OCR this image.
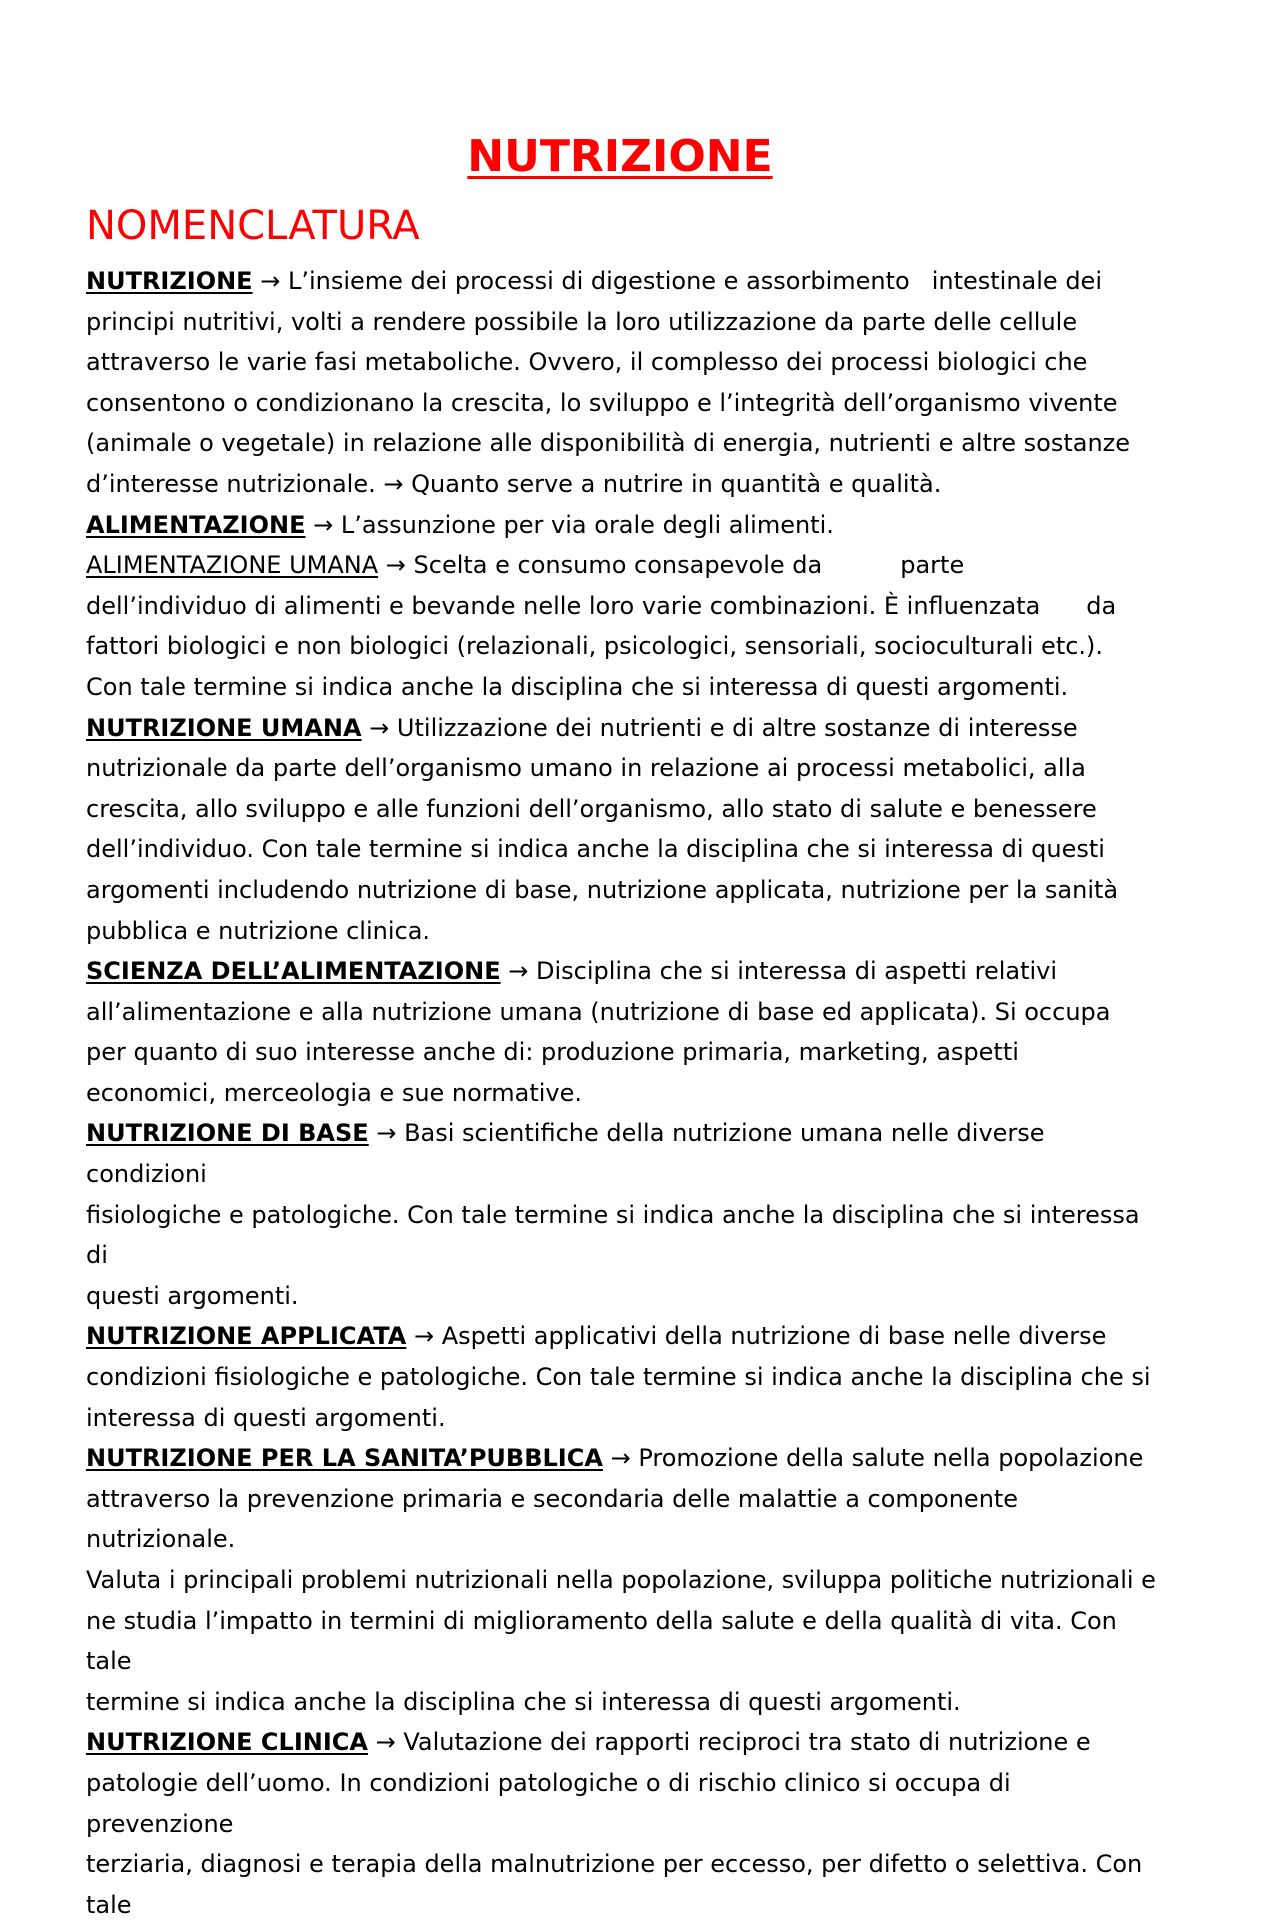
NUTRIZIONE
NOMENCLATURA

NUTRIZIONE → L’insieme dei processi di digestione e assorbimento intestinale dei
principi nutritivi, volti a rendere possibile la loro utilizzazione da parte delle cellule
attraverso le varie fasi metaboliche. Ovvero, il complesso dei processi biologici che
consentono o condizionano la crescita, lo sviluppo e l’integrità dell’organismo vivente
(animale o vegetale) in relazione alle disponibilità di energia, nutrienti e altre sostanze
d’interesse nutrizionale. → Quanto serve a nutrire in quantità e qualità.

ALIMENTAZIONE → L’assunzione per via orale degli alimenti.

ALIMENTAZIONE UMANA → Scelta e consumo consapevole da	parte
dell’individuo di alimenti e bevande nelle loro varie combinazioni. È influenzata da
fattori biologici e non biologici (relazionali, psicologici, sensoriali, socioculturali etc.).
Con tale termine si indica anche la disciplina che si interessa di questi argomenti.

NUTRIZIONE UMANA → Utilizzazione dei nutrienti e di altre sostanze di interesse
nutrizionale da parte dell’organismo umano in relazione ai processi metabolici, alla
crescita, allo sviluppo e alle funzioni dell’organismo, allo stato di salute e benessere
dell’individuo. Con tale termine si indica anche la disciplina che si interessa di questi
argomenti includendo nutrizione di base, nutrizione applicata, nutrizione per la sanità
pubblica e nutrizione clinica.

SCIENZA DELL’ALIMENTAZIONE → Disciplina che si interessa di aspetti relativi
all’alimentazione e alla nutrizione umana (nutrizione di base ed applicata). Si occupa
per quanto di suo interesse anche di: produzione primaria, marketing, aspetti
economici, merceologia e sue normative.

NUTRIZIONE DI BASE → Basi scientifiche della nutrizione umana nelle diverse condizioni
fisiologiche e patologiche. Con tale termine si indica anche la disciplina che si interessa di
questi argomenti.

NUTRIZIONE APPLICATA → Aspetti applicativi della nutrizione di base nelle diverse
condizioni fisiologiche e patologiche. Con tale termine si indica anche la disciplina che si
interessa di questi argomenti.

NUTRIZIONE PER LA SANITA’PUBBLICA → Promozione della salute nella popolazione
attraverso la prevenzione primaria e secondaria delle malattie a componente nutrizionale.
Valuta i principali problemi nutrizionali nella popolazione, sviluppa politiche nutrizionali e
ne studia l’impatto in termini di miglioramento della salute e della qualità di vita. Con tale
termine si indica anche la disciplina che si interessa di questi argomenti.

NUTRIZIONE CLINICA → Valutazione dei rapporti reciproci tra stato di nutrizione e
patologie dell’uomo. In condizioni patologiche o di rischio clinico si occupa di prevenzione
terziaria, diagnosi e terapia della malnutrizione per eccesso, per difetto o selettiva. Con tale
